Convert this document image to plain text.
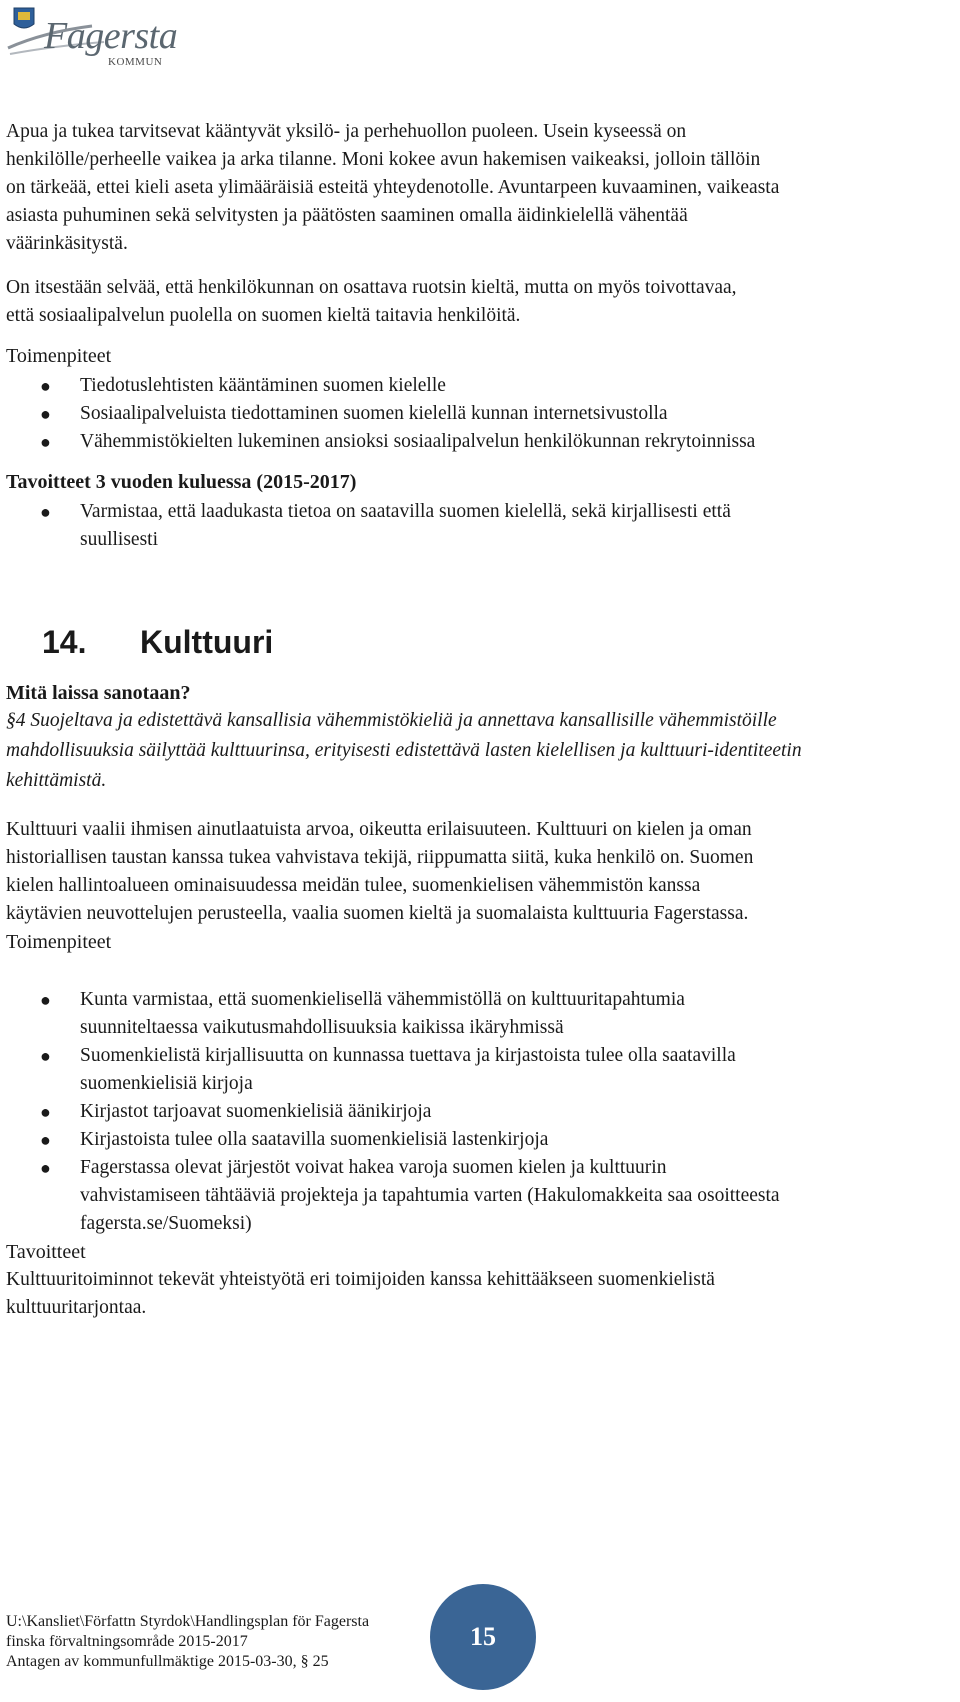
Fagersta
KOMMUN

Apua ja tukea tarvitsevat kääntyvät yksilö- ja perhehuollon puoleen. Usein kyseessä on
henkilölle/perheelle vaikea ja arka tilanne. Moni kokee avun hakemisen vaikeaksi, jolloin tällöin
on tärkeää, ettei kieli aseta ylimääräisiä esteitä yhteydenotolle. Avuntarpeen kuvaaminen, vaikeasta
asiasta puhuminen sekä selvitysten ja päätösten saaminen omalla äidinkielellä vähentää
väärinkäsitystä.

On itsestään selvää, että henkilökunnan on osattava ruotsin kieltä, mutta on myös toivottavaa,
että sosiaalipalvelun puolella on suomen kieltä taitavia henkilöitä.

Toimenpiteet
● Tiedotuslehtisten kääntäminen suomen kielelle
● Sosiaalipalveluista tiedottaminen suomen kielellä kunnan internetsivustolla
● Vähemmistökielten lukeminen ansioksi sosiaalipalvelun henkilökunnan rekrytoinnissa
Tavoitteet 3 vuoden kuluessa (2015-2017)
● Varmistaa, että laadukasta tietoa on saatavilla suomen kielellä, sekä kirjallisesti että
suullisesti
14.	Kulttuuri
Mitä laissa sanotaan?

§4 Suojeltava ja edistettävä kansallisia vähemmistökieliä ja annettava kansallisille vähemmistöille
mahdollisuuksia säilyttää kulttuurinsa, erityisesti edistettävä lasten kielellisen ja kulttuuri-identiteetin
kehittämistä.

Kulttuuri vaalii ihmisen ainutlaatuista arvoa, oikeutta erilaisuuteen. Kulttuuri on kielen ja oman
historiallisen taustan kanssa tukea vahvistava tekijä, riippumatta siitä, kuka henkilö on. Suomen
kielen hallintoalueen ominaisuudessa meidän tulee, suomenkielisen vähemmistön kanssa
käytävien neuvottelujen perusteella, vaalia suomen kieltä ja suomalaista kulttuuria Fagerstassa.

Toimenpiteet
● Kunta varmistaa, että suomenkielisellä vähemmistöllä on kulttuuritapahtumia
suunniteltaessa vaikutusmahdollisuuksia kaikissa ikäryhmissä
● Suomenkielistä kirjallisuutta on kunnassa tuettava ja kirjastoista tulee olla saatavilla
suomenkielisiä kirjoja
● Kirjastot tarjoavat suomenkielisiä äänikirjoja
● Kirjastoista tulee olla saatavilla suomenkielisiä lastenkirjoja
● Fagerstassa olevat järjestöt voivat hakea varoja suomen kielen ja kulttuurin
vahvistamiseen tähtääviä projekteja ja tapahtumia varten (Hakulomakkeita saa osoitteesta
fagersta.se/Suomeksi)
Tavoitteet

Kulttuuritoiminnot tekevät yhteistyötä eri toimijoiden kanssa kehittääkseen suomenkielistä
kulttuuritarjontaa.

U:\Kansliet\Författn Styrdok\Handlingsplan för Fagersta
finska förvaltningsområde 2015-2017
Antagen av kommunfullmäktige 2015-03-30, § 25
15
